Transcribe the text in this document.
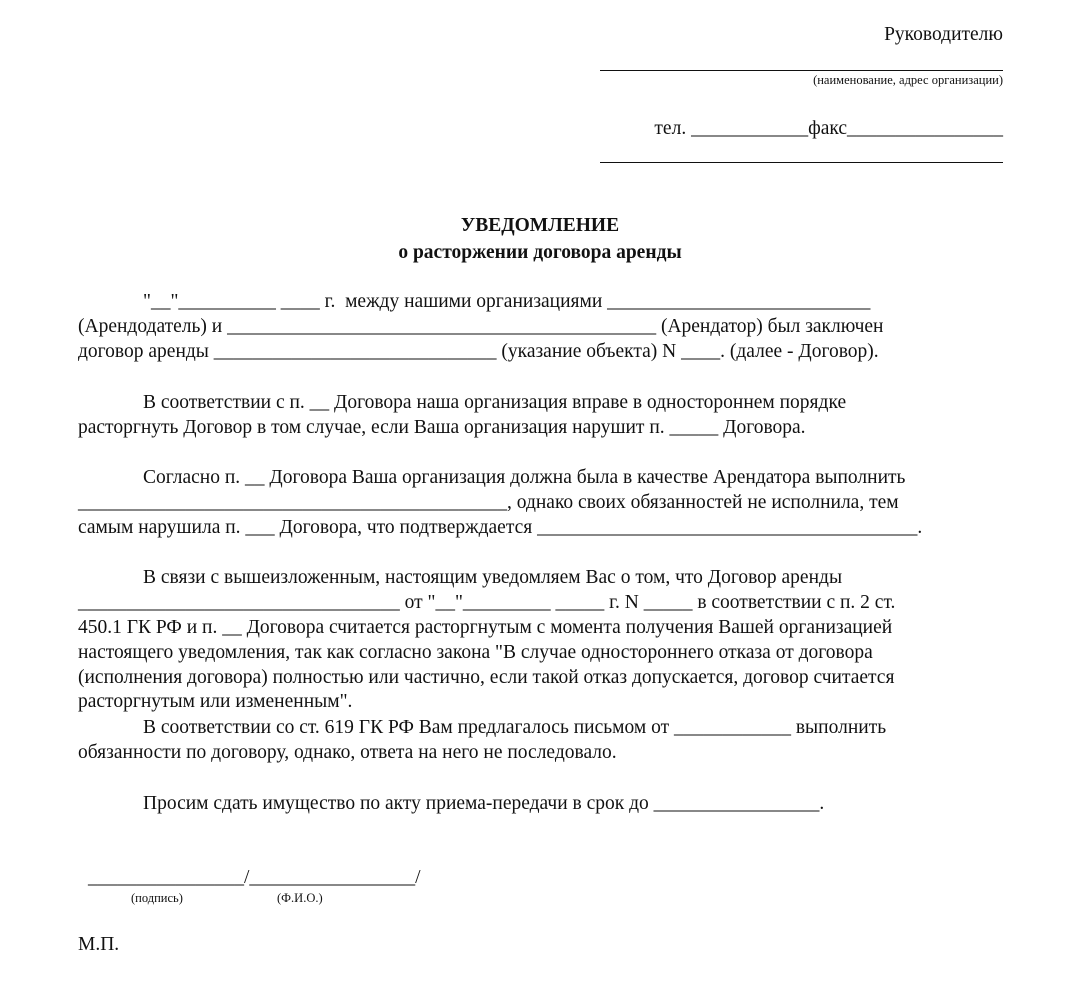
Руководителю
(наименование, адрес организации)
тел. ____________факс________________
УВЕДОМЛЕНИЕ
о расторжении договора аренды
"__"__________ ____ г.  между нашими организациями ___________________________
(Арендодатель) и ____________________________________________ (Арендатор) был заключен
договор аренды _____________________________ (указание объекта) N ____. (далее - Договор).
В соответствии с п. __ Договора наша организация вправе в одностороннем порядке
расторгнуть Договор в том случае, если Ваша организация нарушит п. _____ Договора.
Согласно п. __ Договора Ваша организация должна была в качестве Арендатора выполнить
____________________________________________, однако своих обязанностей не исполнила, тем
самым нарушила п. ___ Договора, что подтверждается _______________________________________.
В связи с вышеизложенным, настоящим уведомляем Вас о том, что Договор аренды
_________________________________ от "__"_________ _____ г. N _____ в соответствии с п. 2 ст.
450.1 ГК РФ и п. __ Договора считается расторгнутым с момента получения Вашей организацией
настоящего уведомления, так как согласно закона "В случае одностороннего отказа от договора
(исполнения договора) полностью или частично, если такой отказ допускается, договор считается
расторгнутым или измененным".
В соответствии со ст. 619 ГК РФ Вам предлагалось письмом от ____________ выполнить
обязанности по договору, однако, ответа на него не последовало.
Просим сдать имущество по акту приема-передачи в срок до _________________.
________________/_________________/
(подпись)	(Ф.И.О.)
М.П.
